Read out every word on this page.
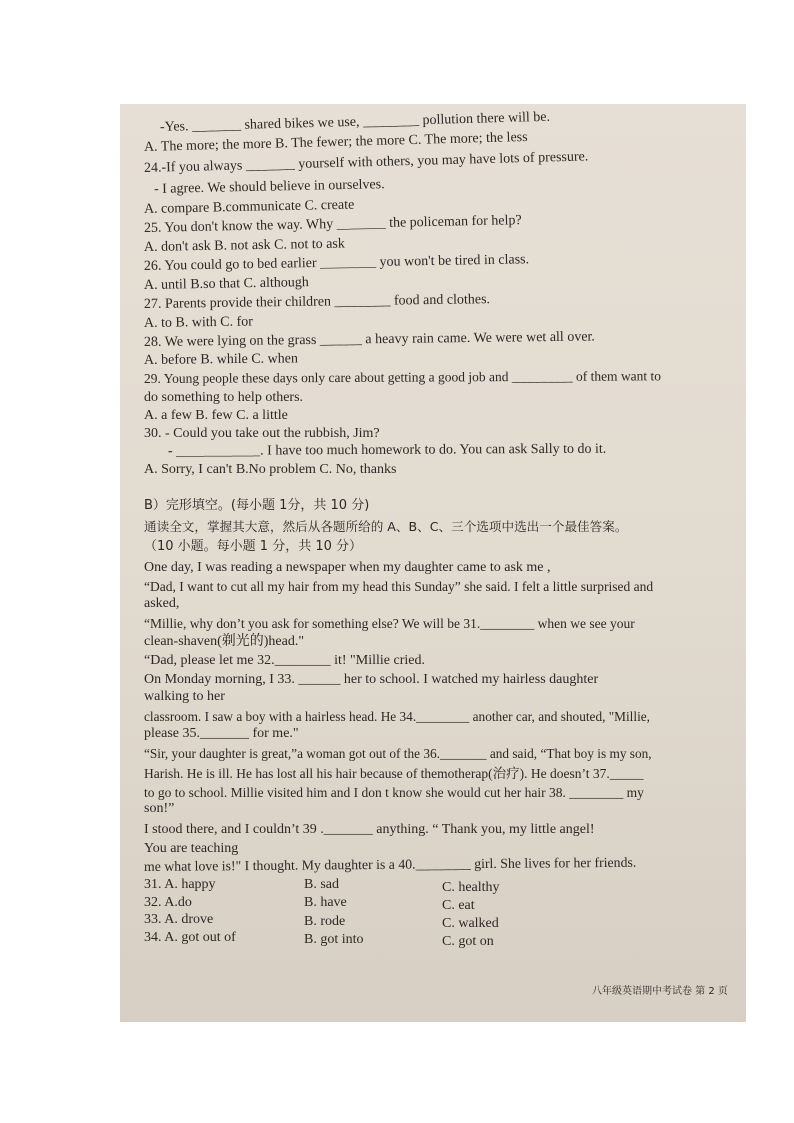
-Yes. _______ shared bikes we use, ________ pollution there will be.
A. The more; the more B. The fewer; the more C. The more; the less
24.-If you always _______ yourself with others, you may have lots of pressure.
- I agree. We should believe in ourselves.
A. compare B.communicate C. create
25. You don't know the way. Why _______ the policeman for help?
A. don't ask B. not ask C. not to ask
26. You could go to bed earlier ________ you won't be tired in class.
A. until B.so that C. although
27. Parents provide their children ________ food and clothes.
A. to B. with C. for
28. We were lying on the grass ______ a heavy rain came. We were wet all over.
A. before B. while C. when
29. Young people these days only care about getting a good job and _________ of them want to
do something to help others.
A. a few B. few C. a little
30. - Could you take out the rubbish, Jim?
- ____________. I have too much homework to do. You can ask Sally to do it.
A. Sorry, I can't B.No problem C. No, thanks
B）完形填空。(每小题 1分，共 10 分)
通读全文，掌握其大意，然后从各题所给的 A、B、C、三个选项中选出一个最佳答案。
（10 小题。每小题 1 分，共 10 分）
One day, I was reading a newspaper when my daughter came to ask me ,
“Dad, I want to cut all my hair from my head this Sunday” she said. I felt a little surprised and
asked,
“Millie, why don’t you ask for something else? We will be 31.________ when we see your
clean-shaven(剃光的)head."
“Dad, please let me 32.________ it! "Millie cried.
On Monday morning, I 33. ______ her to school. I watched my hairless daughter
walking to her
classroom. I saw a boy with a hairless head. He 34.________ another car, and shouted, "Millie,
please 35._______ for me."
“Sir, your daughter is great,”a woman got out of the 36._______ and said, “That boy is my son,
Harish. He is ill. He has lost all his hair because of themotherap(治疗). He doesn’t 37._____
to go to school. Millie visited him and I don t know she would cut her hair 38. ________ my
son!”
I stood there, and I couldn’t 39 ._______ anything. “ Thank you, my little angel!
You are teaching
me what love is!" I thought. My daughter is a 40.________ girl. She lives for her friends.
31. A. happy	B. sad	C. healthy
32. A.do	B. have	C. eat
33. A. drove	B. rode	C. walked
34. A. got out of	B. got into	C. got on
八年级英语期中考试卷 第 2 页
